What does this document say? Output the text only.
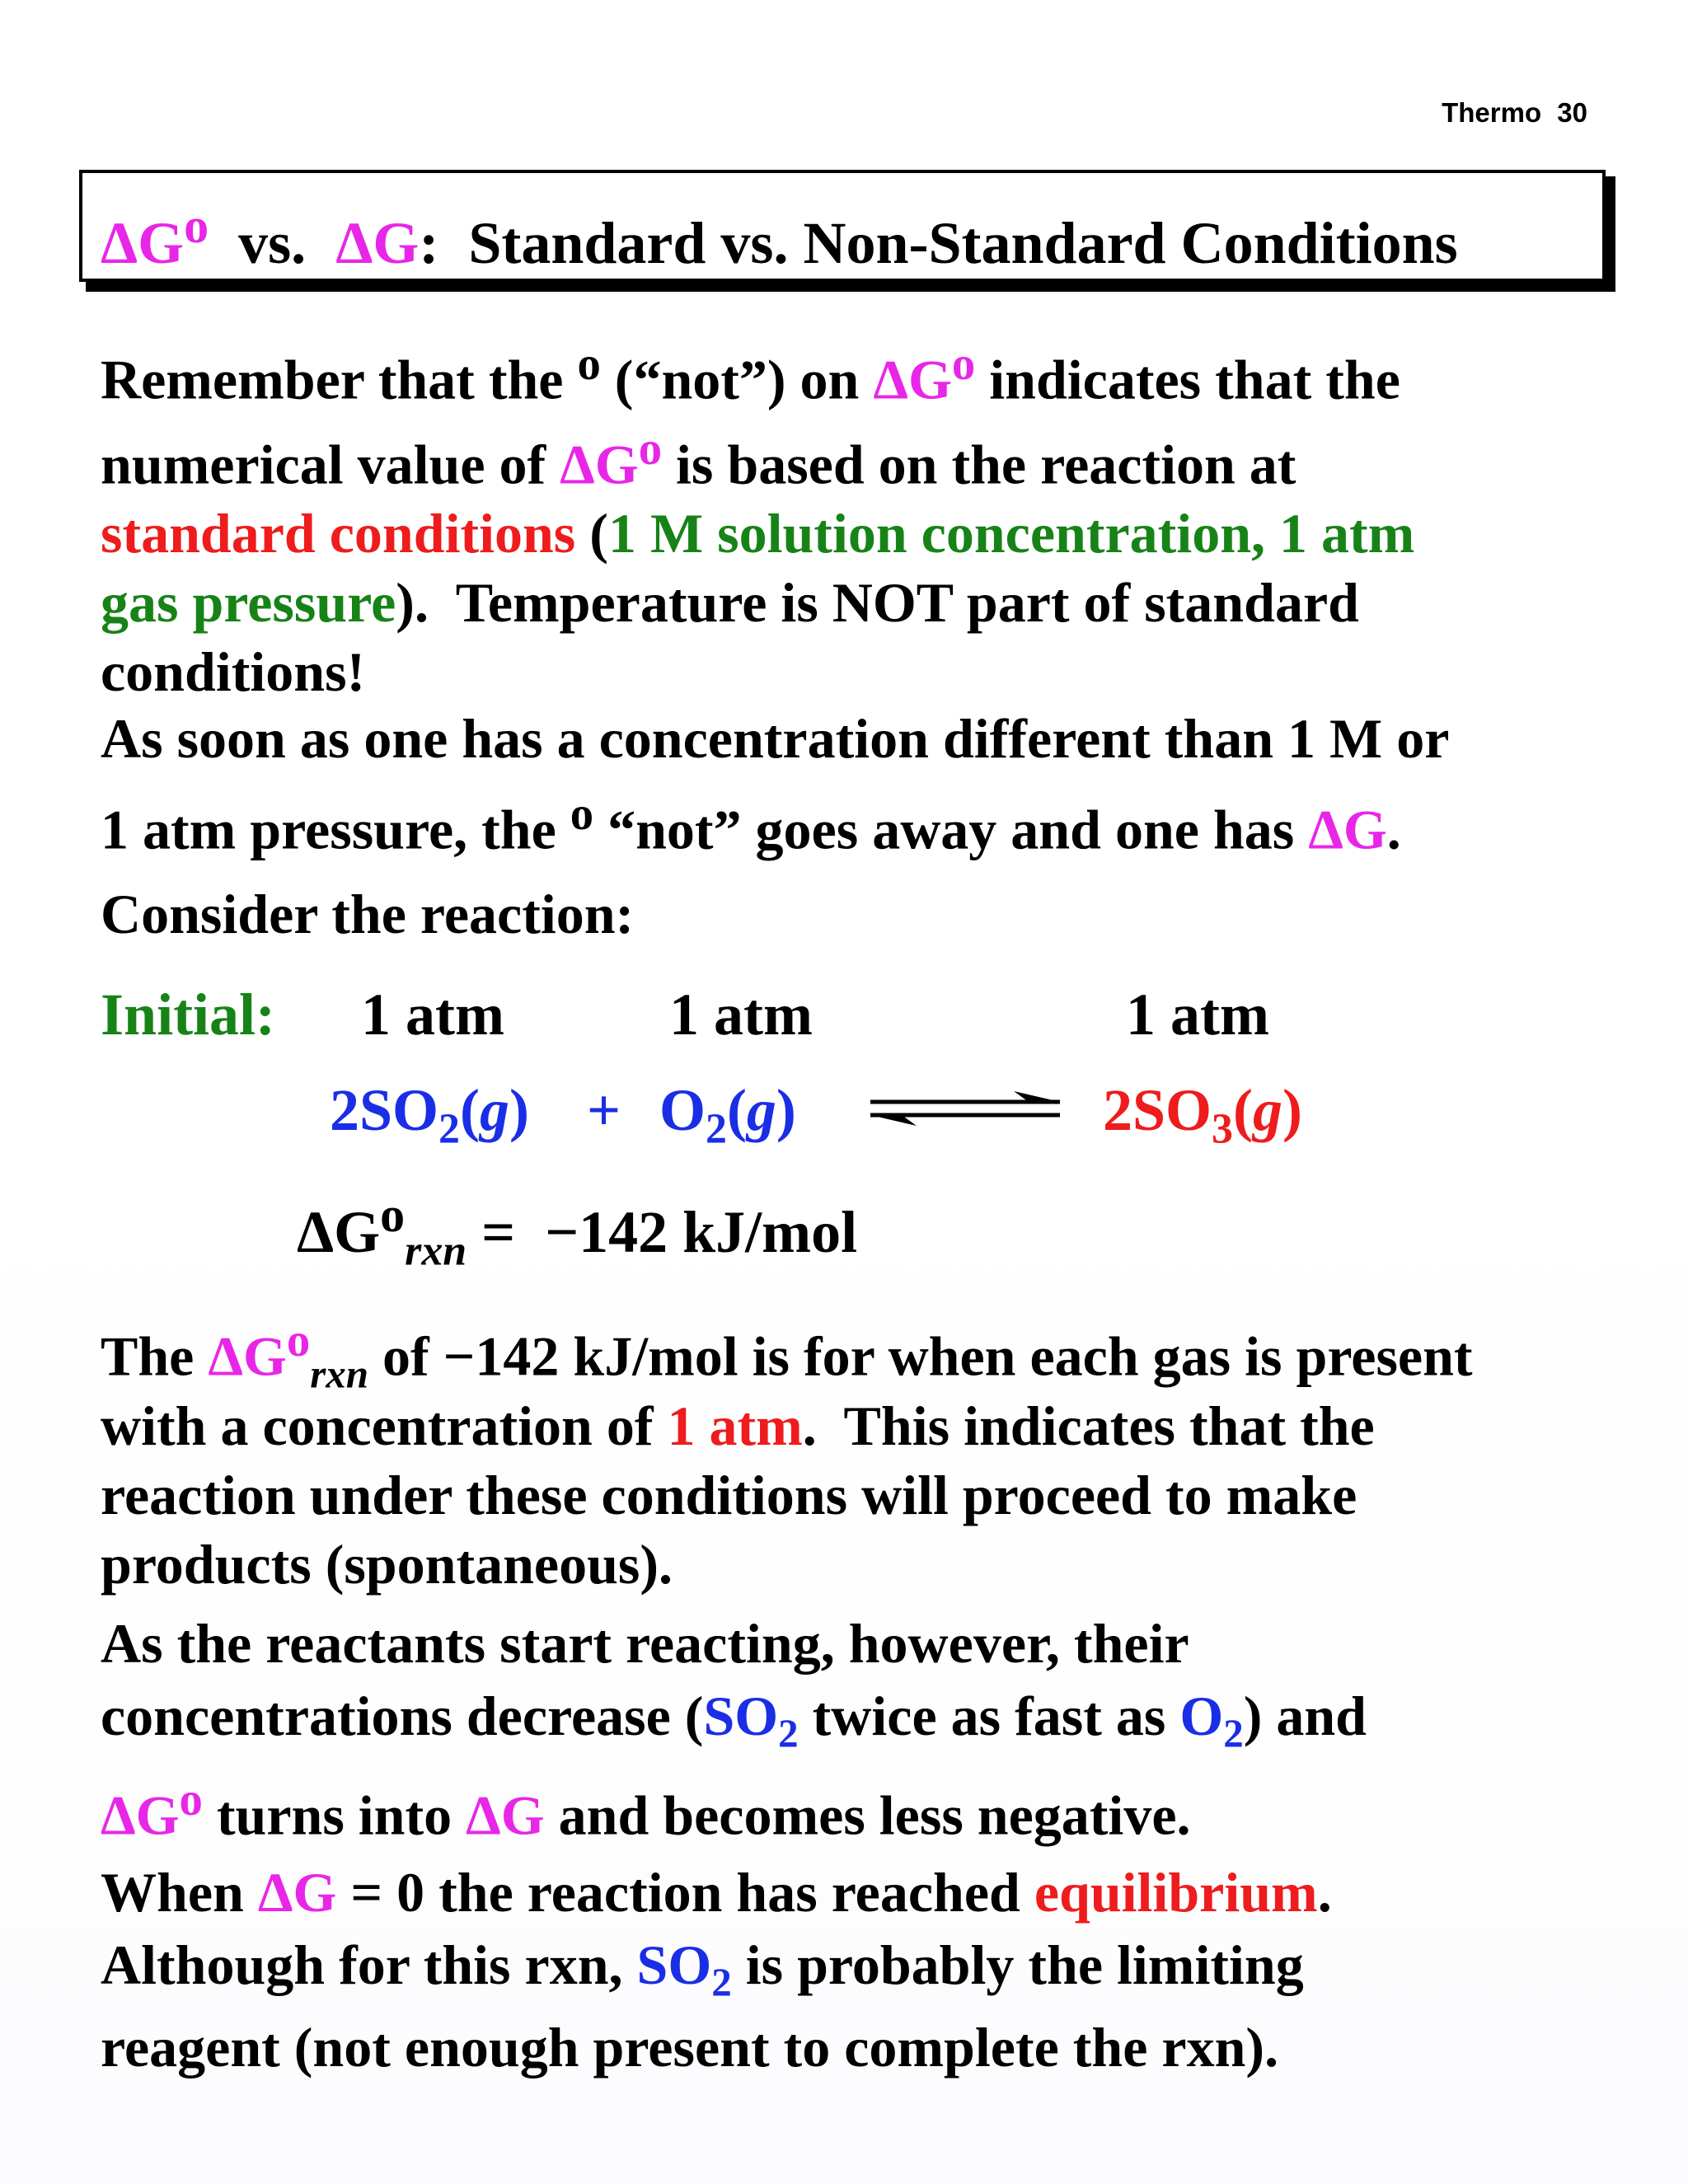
Thermo 30
$\Delta G^o$  vs.  ΔG:  Standard vs. Non-Standard Conditions

Remember that the $^o$ (“not”) on $\Delta G^o$ indicates that the
numerical value of $\Delta G^o$ is based on the reaction at
standard conditions (1 M solution concentration, 1 atm
gas pressure).  Temperature is NOT part of standard
conditions!

As soon as one has a concentration different than 1 M or
1 atm pressure, the $^o$ “not” goes away and one has ΔG.

Consider the reaction:

Initial: 1 atm	1 atm	1 atm
$2SO_2(g) + O_2(g)$	$2SO_3(g)$
$\Delta G^o_{rxn} = -142$ kJ/mol

The $\Delta G^o_{rxn}$ of −142 kJ/mol is for when each gas is present
with a concentration of 1 atm.  This indicates that the
reaction under these conditions will proceed to make
products (spontaneous).

As the reactants start reacting, however, their
concentrations decrease ($SO_2$ twice as fast as $O_2$) and
$\Delta G^o$ turns into ΔG and becomes less negative.

When ΔG = 0 the reaction has reached equilibrium.
Although for this rxn, $SO_2$ is probably the limiting
reagent (not enough present to complete the rxn).
